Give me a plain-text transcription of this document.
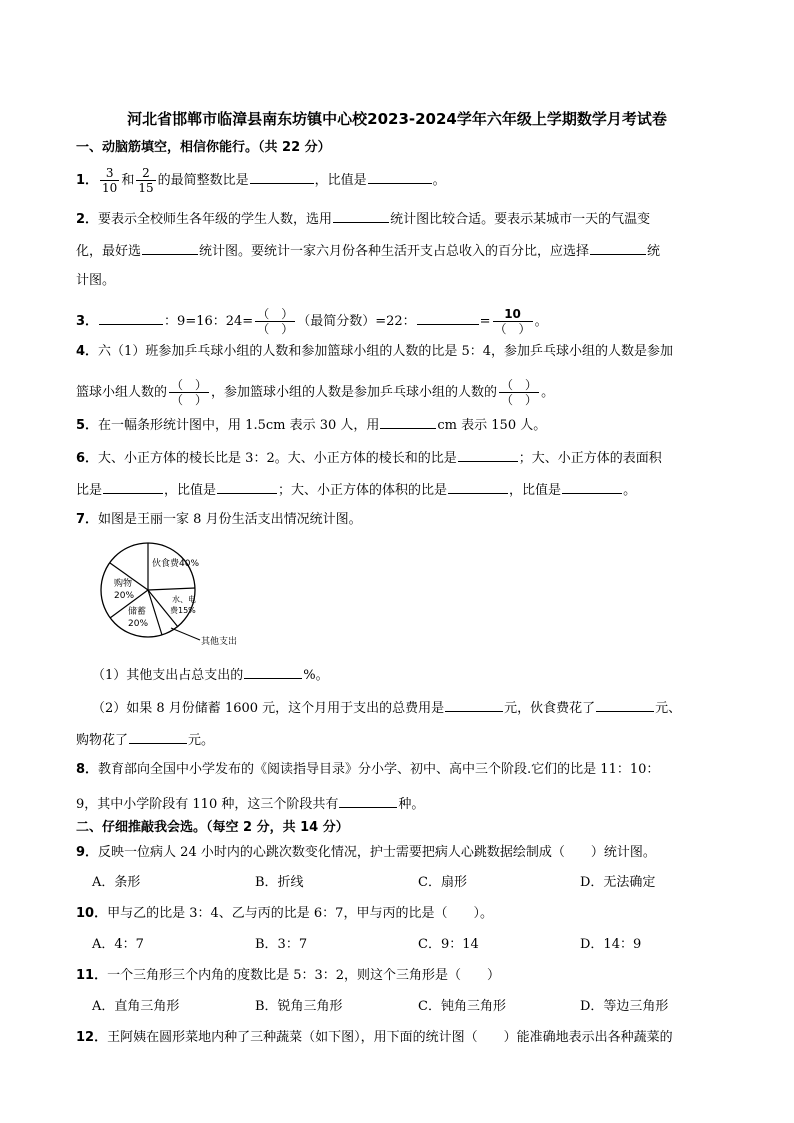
河北省邯郸市临漳县南东坊镇中心校2023-2024学年六年级上学期数学月考试卷
一、动脑筋填空，相信你能行。（共 22 分）
1． $\frac{3}{10}$ 和 $\frac{2}{15}$ 的最简整数比是	，比值是	。
2．要表示全校师生各年级的学生人数，选用	统计图比较合适。要表示某城市一天的气温变
化，最好选	统计图。要统计一家六月份各种生活开支占总收入的百分比，应选择	统
计图。
3．	：9=16：$24= \frac{( )}{( )}$ （最简分数）=22：	= $\frac{10}{( )}$ 。
4．六（1）班参加乒乓球小组的人数和参加篮球小组的人数的比是 5：4，参加乒乓球小组的人数是参加
篮球小组人数的 $\frac{( )}{( )}$ ，参加篮球小组的人数是参加乒乓球小组的人数的 $\frac{( )}{( )}$ 。
5．在一幅条形统计图中，用 1.5cm 表示 30 人，用	cm 表示 150 人。
6．大、小正方体的棱长比是 3：2。大、小正方体的棱长和的比是	；大、小正方体的表面积
比是	，比值是	；大、小正方体的体积的比是	，比值是	。
7．如图是王丽一家 8 月份生活支出情况统计图。
伙食费40%
购物
20%
储蓄
20%
水、电
费15%
其他支出
（1）其他支出占总支出的	%。
（2）如果 8 月份储蓄 1600 元，这个月用于支出的总费用是	元，伙食费花了	元、
购物花了	元。
8．教育部向全国中小学发布的《阅读指导目录》分小学、初中、高中三个阶段.它们的比是 11：10：
9，其中小学阶段有 110 种，这三个阶段共有	种。
二、仔细推敲我会选。（每空 2 分，共 14 分）
9．反映一位病人 24 小时内的心跳次数变化情况，护士需要把病人心跳数据绘制成（　　）统计图。
A．条形	B．折线	C．扇形	D．无法确定
10．甲与乙的比是 3：4、乙与丙的比是 6：7，甲与丙的比是（　　）。
A．4：7	B．3：7	C．9：14	D．14：9
11．一个三角形三个内角的度数比是 5：3：2，则这个三角形是（　　）
A．直角三角形	B．锐角三角形	C．钝角三角形	D．等边三角形
12．王阿姨在圆形菜地内种了三种蔬菜（如下图），用下面的统计图（　　）能准确地表示出各种蔬菜的
